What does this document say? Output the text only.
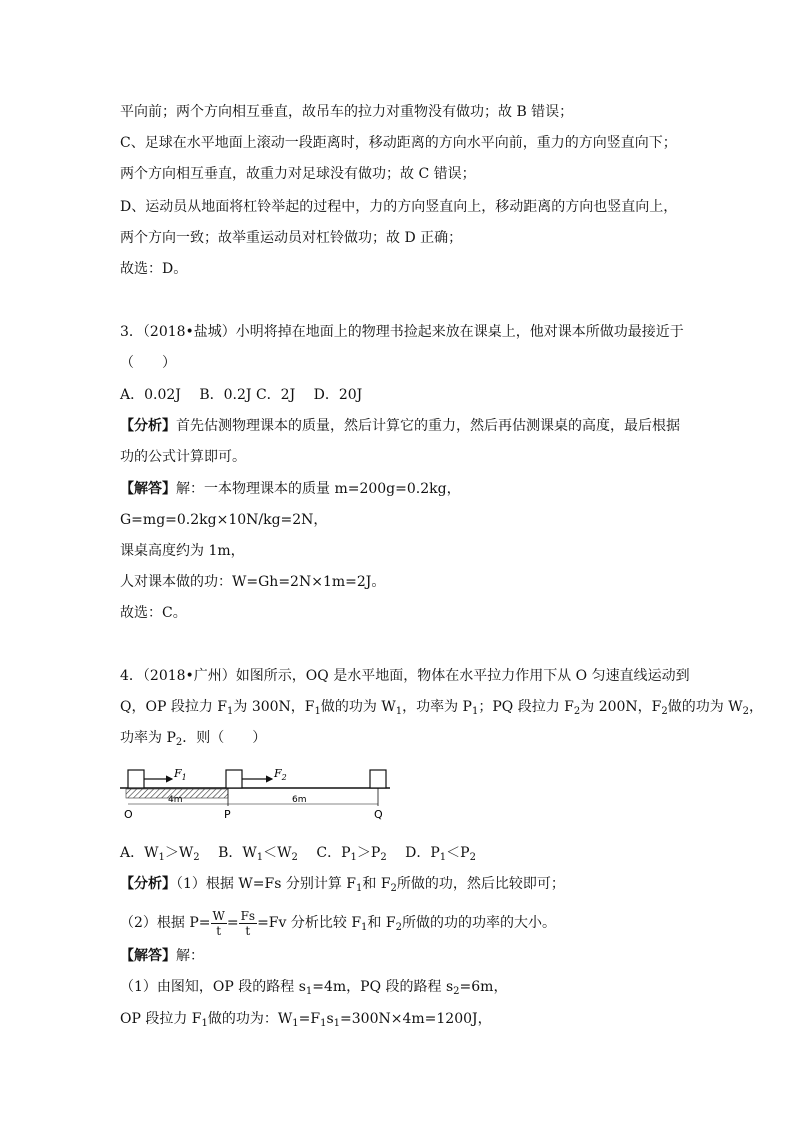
平向前；两个方向相互垂直，故吊车的拉力对重物没有做功；故 B 错误；
C、足球在水平地面上滚动一段距离时，移动距离的方向水平向前，重力的方向竖直向下；
两个方向相互垂直，故重力对足球没有做功；故 C 错误；
D、运动员从地面将杠铃举起的过程中，力的方向竖直向上，移动距离的方向也竖直向上，
两个方向一致；故举重运动员对杠铃做功；故 D 正确；
故选：D。
3．（2018•盐城）小明将掉在地面上的物理书捡起来放在课桌上，他对课本所做功最接近于
（　　）
A．0.02J　 B．0.2J C．2J　 D．20J
【分析】首先估测物理课本的质量，然后计算它的重力，然后再估测课桌的高度，最后根据
功的公式计算即可。
【解答】解：一本物理课本的质量 m=200g=0.2kg，
G=mg=0.2kg×10N/kg=2N，
课桌高度约为 1m，
人对课本做的功：W=Gh=2N×1m=2J。
故选：C。
4．（2018•广州）如图所示，OQ 是水平地面，物体在水平拉力作用下从 O 匀速直线运动到
Q，OP 段拉力 $F_1$为 300N，$F_1$做的功为 $W_1$，功率为 $P_1$；PQ 段拉力 $F_2$为 200N，$F_2$做的功为 $W_2$，
功率为 $P_2$．则（　　）
$F_1$	$F_2$
4m	6m
O	P	Q
A．$W_1>W_2$　 B．$W_1<W_2$　 C．$P_1>P_2$　 D．$P_1<P_2$
【分析】（1）根据 W=Fs 分别计算 $F_1$和 $F_2$所做的功，然后比较即可；
（2）根据 $P= \frac{W}{t} = \frac{Fs}{t} =Fv$ 分析比较 $F_1$和 $F_2$所做的功的功率的大小。
【解答】解：
（1）由图知，OP 段的路程 $s_1=4m$，PQ 段的路程 $s_2=6m$，
OP 段拉力 $F_1$做的功为：$W_1=F_1s_1=300N\times 4m=1200J$，
